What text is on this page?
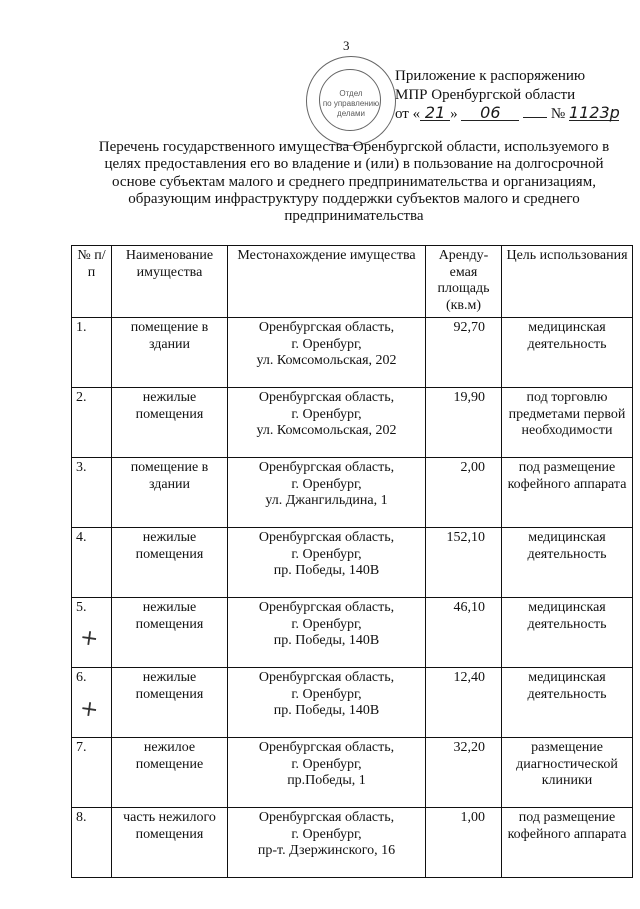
3
Отдел
по управлению
делами
Приложение к распоряжению
МПР Оренбургской области
от « 21 » 06	№ 1123р
Перечень государственного имущества Оренбургской области, используемого в целях предоставления его во владение и (или) в пользование на долгосрочной основе субъектам малого и среднего предпринимательства и организациям, образующим инфраструктуру поддержки субъектов малого и среднего предпринимательства
№ п/п	Наименование имущества	Местонахождение имущества	Аренду-емая площадь (кв.м)	Цель использования
1.	помещение в здании	Оренбургская область,
г. Оренбург,
ул. Комсомольская, 202	92,70	медицинская деятельность
2.	нежилые помещения	Оренбургская область,
г. Оренбург,
ул. Комсомольская, 202	19,90	под торговлю предметами первой необходимости
3.	помещение в здании	Оренбургская область,
г. Оренбург,
ул. Джангильдина, 1	2,00	под размещение кофейного аппарата
4.	нежилые помещения	Оренбургская область,
г. Оренбург,
пр. Победы, 140В	152,10	медицинская деятельность
5.	нежилые помещения	Оренбургская область,
г. Оренбург,
пр. Победы, 140В	46,10	медицинская деятельность
6.	нежилые помещения	Оренбургская область,
г. Оренбург,
пр. Победы, 140В	12,40	медицинская деятельность
7.	нежилое помещение	Оренбургская область,
г. Оренбург,
пр.Победы, 1	32,20	размещение диагностической клиники
8.	часть нежилого помещения	Оренбургская область,
г. Оренбург,
пр-т. Дзержинского, 16	1,00	под размещение кофейного аппарата
+
+
